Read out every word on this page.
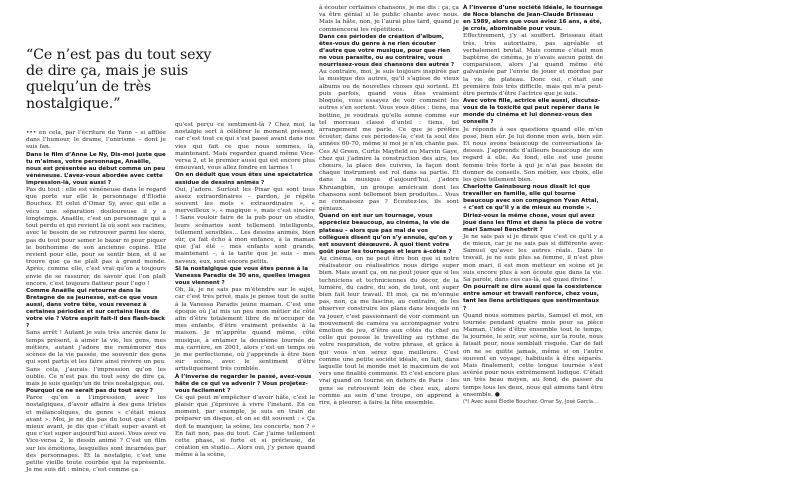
“Ce n’est pas du tout sexy de dire ça, mais je suis quelqu’un de très nostalgique.”

••• en cela, par l’écriture de Yann – si affilée dans l’humour, le drame, l’onirisme – dont je suis fan.

Dans le film d’Anne Le Ny, Dis-moi juste que tu m’aimes, votre personnage, Anaëlle, nous est présentée au début comme un peu vénéneuse. L’avez-vous abordée avec cette impression-là, vous aussi ?

Pas du tout : elle est vénéneuse dans le regard que porte sur elle le personnage d’Élodie Bouchez. Et celui d’Omar Sy, avec qui elle a vécu une séparation douloureuse il y a longtemps. Anaëlle, c’est un personnage qui a tout perdu et qui revient là où sont ses racines, avec le besoin de se retrouver parmi les siens, pas du tout pour semer le bazar ni pour piquer le bonhomme de son ancienne copine. Elle revient pour elle, pour se sentir bien, et il se trouve que ça ne plaît pas à grand monde. Après, comme elle, c’est vrai qu’on a toujours envie de se rassurer, de savoir que l’on plaît encore, c’est toujours flatteur pour l’ego !

Comme Anaëlle qui retourne dans la Bretagne de sa jeunesse, est-ce que vous aussi, dans votre tête, vous revenez à certaines périodes et sur certains lieux de votre vie ? Votre esprit fait-il des flash-back ?

Sans arrêt ! Autant je suis très ancrée dans le temps présent, à aimer la vie, les gens, mes métiers, autant j’adore me remémorer des scènes de la vie passée, me souvenir des gens qui sont partis et les faire ainsi revivre un peu. Sans cela, j’aurais l’impression qu’on les oublie. Ce n’est pas du tout sexy de dire ça, mais je suis quelqu’un de très nostalgique, oui.

Pourquoi ce ne serait pas du tout sexy ?

Parce qu’on a l’impression, avec les nostalgiques, d’avoir affaire à des gens tristes et mélancoliques, du genre « c’était mieux avant ». Moi, je ne dis pas du tout que c’était mieux avant, je dis que c’était super avant et que c’est super aujourd’hui aussi. Vous avez vu Vice-versa 2, le dessin animé ? C’est un film sur les émotions, lesquelles sont incarnées par des personnages. Et la nostalgie, c’est une petite vieille toute courbée qui la représente. Je me suis dit : mince, c’est comme ça

qu’est perçu ce sentiment-là ? Chez moi, la nostalgie sert à célébrer le moment présent, car c’est tout ce qui s’est passé avant dans nos vies qui fait ce que nous sommes, là, maintenant. Mais regardez quand même Vice-versa 2, et le premier aussi qui est encore plus émouvant, vous allez fondre en larmes !

On en déduit que vous êtes une spectatrice assidue de dessins animés ?

Oui, j’adore. Surtout les Pixar qui sont tous assez extraordinaires – pardon, je répète souvent les mots « extraordinaire », « merveilleux », « magique », mais c’est sincère ! Sans vouloir faire de la pub pour un studio, leurs scénarios sont tellement intelligents, tellement sensibles… Les dessins animés, bien sûr, ça fait écho à mon enfance, à la maman que j’ai été – mes enfants sont grands, maintenant –, à la tante que je suis – mes neveux, eux, sont encore petits.

Si la nostalgique que vous êtes pense à la Vanessa Paradis de 30 ans, quelles images vous viennent ?

Oh, là, je ne sais pas m’étendre sur le sujet, car c’est très privé, mais je pense tout de suite à la Vanessa Paradis jeune maman. C’est une époque où j’ai mis un peu mon métier de côté afin d’être totalement libre de m’occuper de mes enfants, d’être vraiment présente à la maison. Je m’apprête quand même, côté musique, à entamer la deuxième tournée de ma carrière, en 2001, alors c’est un temps où je me perfectionne, où j’apprends à être bien sur scène, avec le sentiment d’être artistiquement très comblée.

À l’inverse de regarder le passé, avez-vous hâte de ce qui va advenir ? Vous projetez-vous facilement ?

Ce qui peut m’empêcher d’avoir hâte, c’est le plaisir que j’éprouve à vivre l’instant. En ce moment, par exemple, je suis en train de préparer un disque, et on se dit souvent : « Ça doit te manquer, la scène, les concerts, non ? » En fait non, pas du tout. Car j’aime tellement cette phase, si forte et si précieuse, de création en studio… Alors oui, j’y pense quand même à la scène,

à écouter certaines chansons, je me dis : ça, ça va être génial si le public chante avec nous. Mais la hâte, non, je l’aurai plus tard, quand je commencerai les répétitions.

Dans ces périodes de création d’album, êtes-vous du genre à ne rien écouter d’autre que votre musique, pour que rien ne vous parasite, ou au contraire, vous nourrissez-vous des chansons des autres ?

Au contraire, moi, je suis toujours inspirée par la musique des autres, qu’il s’agisse de vieux albums ou de nouvelles choses qui sortent. Et puis parfois, quand vous êtes vraiment bloquée, vous essayez de voir comment les autres s’en sortent. Vous vous dites : tiens, ma bottine, je voudrais qu’elle sonne comme sur tel morceau classé d’untel : tiens, tel arrangement me parle. Ce que je préfère écouter, dans ces périodes-là, c’est la soul des années 60-70, même si moi je n’en chante pas. Ces Al Green, Curtis Mayfield ou Marvin Gaye, chez qui j’admire la construction des airs, les chœurs, la place des cuivres, la façon dont chaque instrument est roi dans sa partie. Et dans la musique d’aujourd’hui, j’adore Khruangbin, un groupe américain dont les chansons sont tellement bien produites… Vous ne connaissez pas ? Écoutez-les, ils sont géniaux.

Quand on est sur un tournage, vous appréciez beaucoup, au cinéma, la vie de plateau – alors que pas mal de vos collègues disent qu’on s’y ennuie, qu’on y est souvent désœuvré. À quoi tient votre goût pour les tournages et leurs à-côtés ?

Au cinéma, on ne peut être bon que si notre réalisateur ou réalisatrice nous dirige super bien. Mais avant ça, on ne peut jouer que si les techniciens et techniciennes du décor, de la lumière, du cadre, du son, de tout, ont super bien fait leur travail. Et moi, ça ne m’ennuie pas, non, ça me fascine, au contraire, de les observer construire les plans dans lesquels on va jouer, c’est passionnant de voir comment un mouvement de caméra va accompagner votre émotion de jeu, d’être aux côtés du chef ou celle qui pousse le travelling au rythme de votre respiration, de votre phrase, et grâce à qui vous n’en serez que meilleure. C’est comme une petite société idéale, en fait, dans laquelle tout le monde met le maximum de soi vers une finalité commune. Et c’est encore plus vrai quand on tourne en dehors de Paris : les gens se retrouvent loin de chez eux, alors comme au sein d’une troupe, on apprend à rire, à pleurer, à faire la fête ensemble.

À l’inverse d’une société idéale, le tournage de Noce blanche de Jean-Claude Brisseau en 1989, alors que vous aviez 16 ans, a été, je crois, abominable pour vous.

Effectivement, j’y ai souffert. Brisseau était très, très autoritaire, pas agréable et verbalement brutal. Mais comme c’était mon baptême de cinéma, je n’avais aucun point de comparaison, alors j’ai quand même été galvanisée par l’envie de jouer et mordue par la vie de plateau. Donc oui, c’était une première fois très difficile, mais qui m’a peut-être permis d’être l’actrice que je suis.

Avec votre fille, actrice elle aussi, discutez-vous de la toxicité qui peut repérer dans le monde du cinéma et lui donnez-vous des conseils ?

Je réponds à ses questions quand elle m’en pose, bien sûr. Je lui donne mon avis, bien sûr. Et nous avons beaucoup de conversations là-dessus. J’apprends d’ailleurs beaucoup de son regard à elle. Au fond, elle est une jeune femme très forte à qui je n’ai pas besoin de donner de conseils. Son métier, ses choix, elle les gère tellement bien.

Charlotte Gainsbourg nous disait ici que travailler en famille, elle qui tourne beaucoup avec son compagnon Yvan Attal, « c’est ce qu’il y a de mieux au monde ». Diriez-vous la même chose, vous qui avez joué dans les films et dans la pièce de votre mari Samuel Benchetrit ?

Je ne sais pas si je dirais que c’est ce qu’il y a de mieux, car je ne sais pas si différente avec Samuel qu’avec les autres réals. Dans le travail, je ne suis plus sa femme, il n’est plus mon mari, il est mon metteur en scène et je suis encore plus à son écoute que dans la vie. Sa parole, dans ces cas-là, est quasi divine !

On pourrait se dire aussi que la coexistence entre amour et travail renforce, chez vous, tant les liens artistiques que sentimentaux ?

Quand nous sommes partis, Samuel et moi, en tournée pendant quatre mois pour sa pièce Maman, l’idée d’être ensemble tout le temps, la journée, le soir, sur scène, sur la route, nous faisait peur, nous semblait risquée. Car de fait on ne se quitte jamais, même si on l’autre souvent en voyage, habituels à être séparés. Mais finalement, cette longue tournée s’est avérée pour nous extrêmement ludique. C’était un très beau moyen, au fond, de passer du temps tous les deux, nous qui aimons tant être ensemble. ●

(*) Avec aussi Élodie Bouchez, Omar Sy, José Garcia…
